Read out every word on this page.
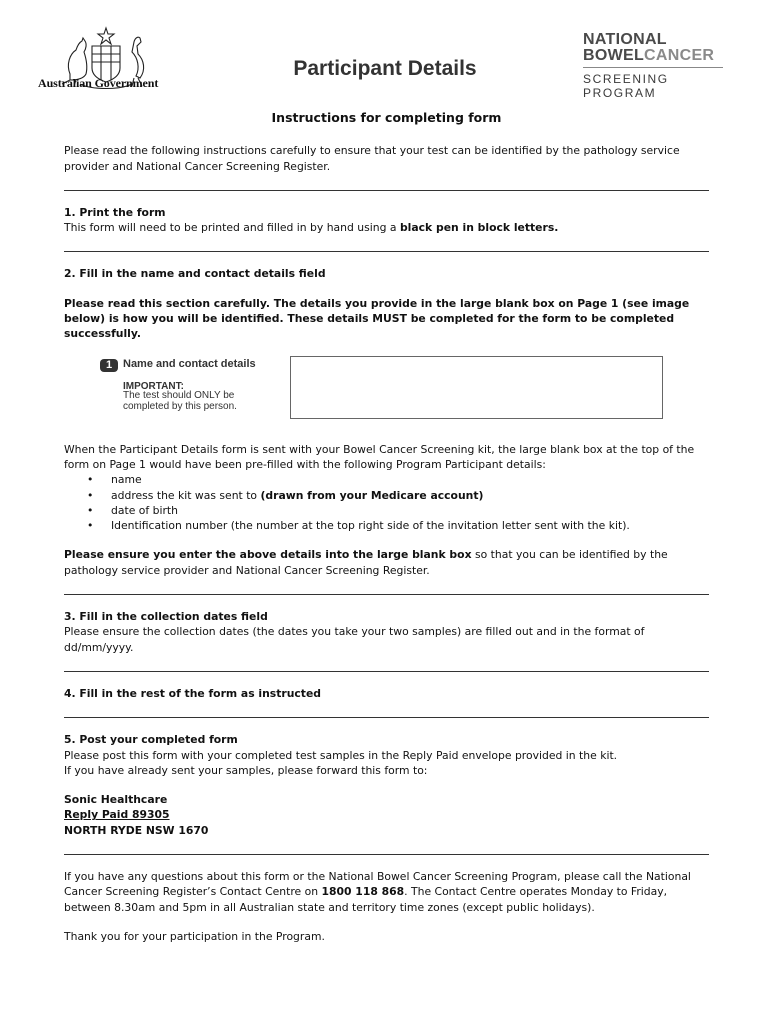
Australian Government
Participant Details
NATIONAL
BOWELCANCER
SCREENING PROGRAM
Instructions for completing form

Please read the following instructions carefully to ensure that your test can be identified by the pathology service provider and National Cancer Screening Register.

1. Print the form

This form will need to be printed and filled in by hand using a black pen in block letters.

2. Fill in the name and contact details field

Please read this section carefully. The details you provide in the large blank box on Page 1 (see image below) is how you will be identified. These details MUST be completed for the form to be completed successfully.

1 Name and contact details
IMPORTANT:
The test should ONLY be completed by this person.

When the Participant Details form is sent with your Bowel Cancer Screening kit, the large blank box at the top of the form on Page 1 would have been pre-filled with the following Program Participant details:

• name
• address the kit was sent to (drawn from your Medicare account)
• date of birth
• Identification number (the number at the top right side of the invitation letter sent with the kit).

Please ensure you enter the above details into the large blank box so that you can be identified by the pathology service provider and National Cancer Screening Register.

3. Fill in the collection dates field

Please ensure the collection dates (the dates you take your two samples) are filled out and in the format of dd/mm/yyyy.

4. Fill in the rest of the form as instructed

5. Post your completed form

Please post this form with your completed test samples in the Reply Paid envelope provided in the kit.

If you have already sent your samples, please forward this form to:

Sonic Healthcare

Reply Paid 89305

NORTH RYDE NSW 1670

If you have any questions about this form or the National Bowel Cancer Screening Program, please call the National Cancer Screening Register’s Contact Centre on 1800 118 868. The Contact Centre operates Monday to Friday, between 8.30am and 5pm in all Australian state and territory time zones (except public holidays).

Thank you for your participation in the Program.
